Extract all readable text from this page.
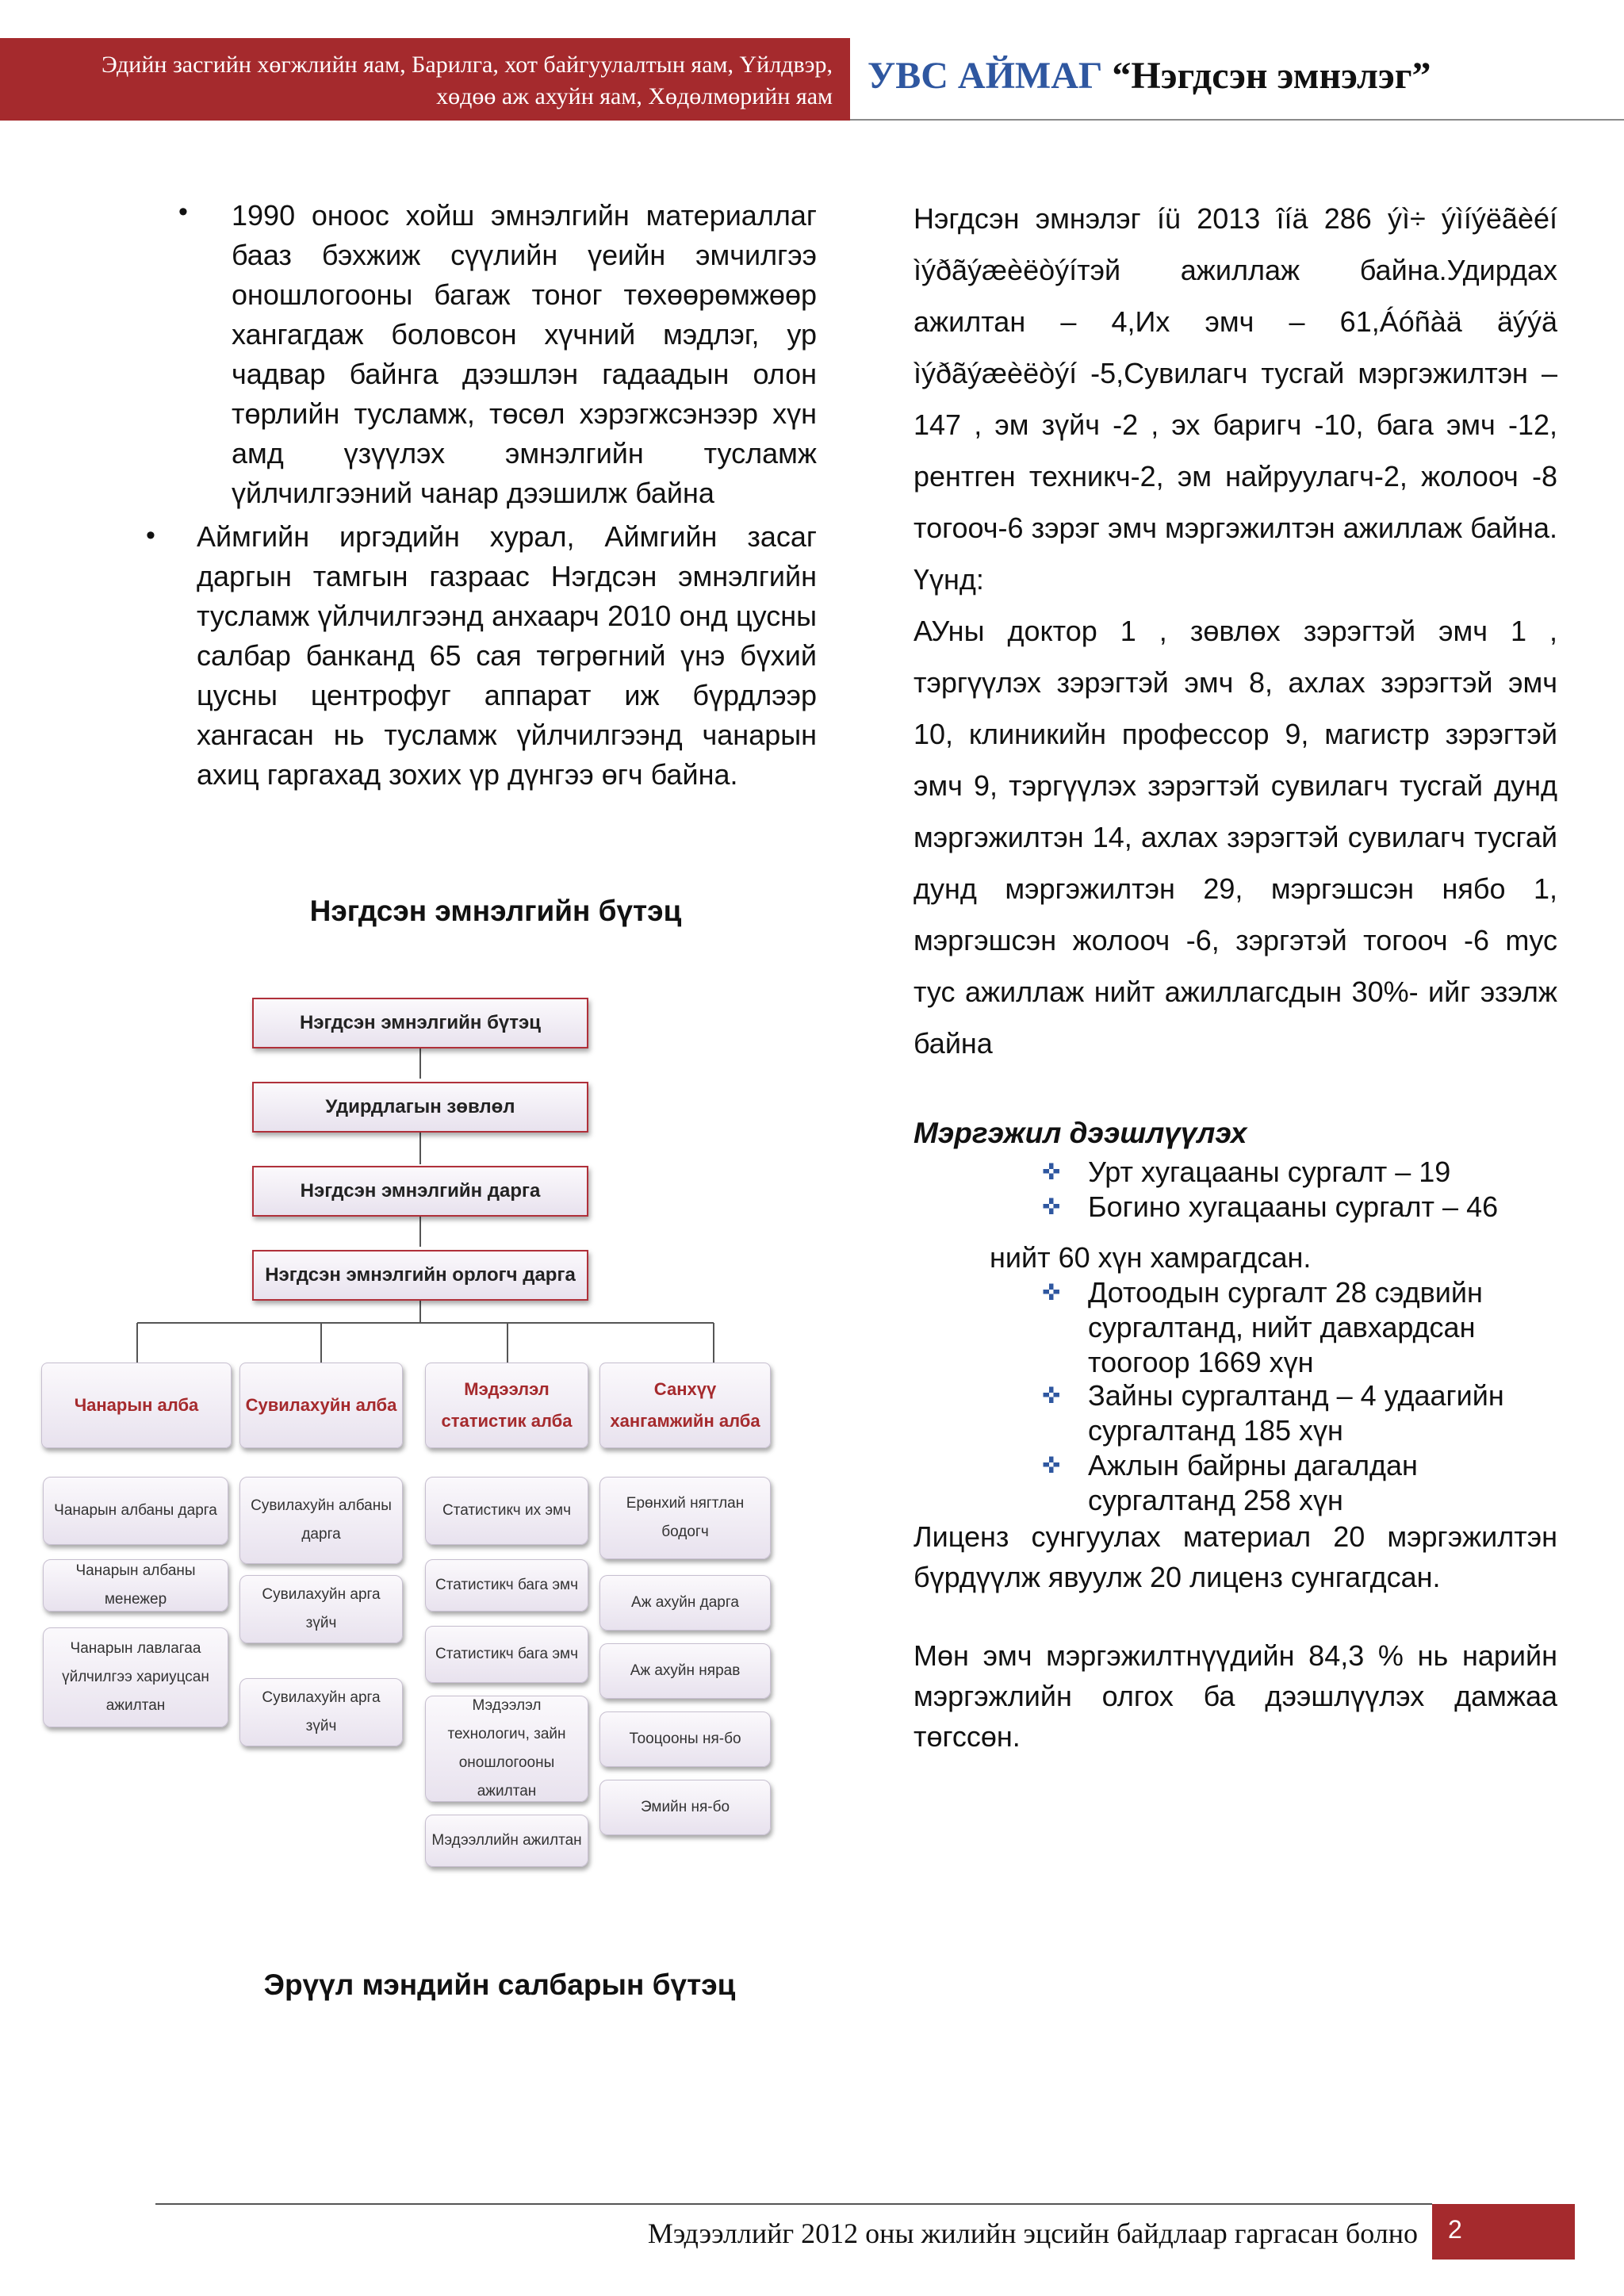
Эдийн засгийн хөгжлийн яам, Барилга, хот байгуулалтын яам, Үйлдвэр,
хөдөө аж ахуйн яам, Хөдөлмөрийн яам УВС АЙМАГ “Нэгдсэн эмнэлэг”
•	1990 оноос хойш эмнэлгийн материаллаг бааз бэхжиж сүүлийн үеийн эмчилгээ оношлогооны багаж тоног төхөөрөмжөөр хангагдаж боловсон хүчний мэдлэг, ур чадвар байнга дээшлэн гадаадын олон төрлийн тусламж, төсөл хэрэгжсэнээр хүн амд үзүүлэх эмнэлгийн тусламж үйлчилгээний чанар дээшилж байна

•	Аймгийн иргэдийн хурал, Аймгийн засаг даргын тамгын газраас Нэгдсэн эмнэлгийн тусламж үйлчилгээнд анхаарч 2010 онд цусны салбар банканд 65 сая төгрөгний үнэ бүхий цусны центрофуг аппарат иж бүрдлээр хангасан нь тусламж үйлчилгээнд чанарын ахиц гаргахад зохих үр дүнгээ өгч байна.

Нэгдсэн эмнэлгийн бүтэц
Нэгдсэн эмнэлгийн бүтэц
Удирдлагын зөвлөл
Нэгдсэн эмнэлгийн дарга
Нэгдсэн эмнэлгийн орлогч дарга
Чанарын алба	Сувилахуйн алба
Мэдээлэл статистик алба
Санхүү хангамжийн алба
Чанарын албаны дарга
Чанарын албаны менежер
Чанарын лавлагаа үйлчилгээ хариуцсан ажилтан
Сувилахуйн албаны дарга
Сувилахуйн арга зүйч
Сувилахуйн арга зүйч
Статистикч их эмч
Статистикч бага эмч
Статистикч бага эмч
Мэдээлэл технологич, зайн оношлогооны ажилтан
Мэдээллийн ажилтан
Ерөнхий нягтлан бодогч
Аж ахуйн дарга
Аж ахуйн нярав
Тооцооны ня-бо
Эмийн ня-бо
Эрүүл мэндийн салбарын бүтэц

Нэгдсэн эмнэлэг íü 2013 îíä 286 ýì÷ ýìíýëãèéí ìýðãýæèëòýíтэй ажиллаж байна.Удирдах ажилтан – 4,Их эмч – 61,Áóñàä äýýä ìýðãýæèëòýí -5,Сувилагч тусгай мэргэжилтэн – 147 , эм зүйч -2 , эх баригч -10, бага эмч -12, рентген техникч-2, эм найруулагч-2, жолооч -8 тогооч-6 зэрэг эмч мэргэжилтэн ажиллаж байна. Үүнд:
АУны доктор 1 , зөвлөх зэрэгтэй эмч 1 , тэргүүлэх зэрэгтэй эмч 8, ахлах зэрэгтэй эмч 10, клиникийн профессор 9, магистр зэрэгтэй эмч 9, тэргүүлэх зэрэгтэй сувилагч тусгай дунд мэргэжилтэн 14, ахлах зэрэгтэй сувилагч тусгай дунд мэргэжилтэн 29, мэргэшсэн нябо 1, мэргэшсэн жолооч -6, зэргэтэй тогооч -6 mус тус ажиллаж нийт ажиллагсдын 30%- ийг эзэлж байна

Мэргэжил дээшлүүлэх
✜ Урт хугацааны сургалт – 19
✜ Богино хугацааны сургалт – 46
нийт 60 хүн хамрагдсан.
✜ Дотоодын сургалт 28 сэдвийн сургалтанд, нийт давхардсан тоогоор 1669 хүн
✜ Зайны сургалтанд – 4 удаагийн сургалтанд 185 хүн
✜ Ажлын байрны дагалдан сургалтанд 258 хүн

Лиценз сунгуулах материал 20 мэргэжилтэн бүрдүүлж явуулж 20 лиценз сунгагдсан.

Мөн эмч мэргэжилтнүүдийн 84,3 % нь нарийн мэргэжлийн олгох ба дээшлүүлэх дамжаа төгссөн.

Мэдээллийг 2012 оны жилийн эцсийн байдлаар гаргасан болно	2
